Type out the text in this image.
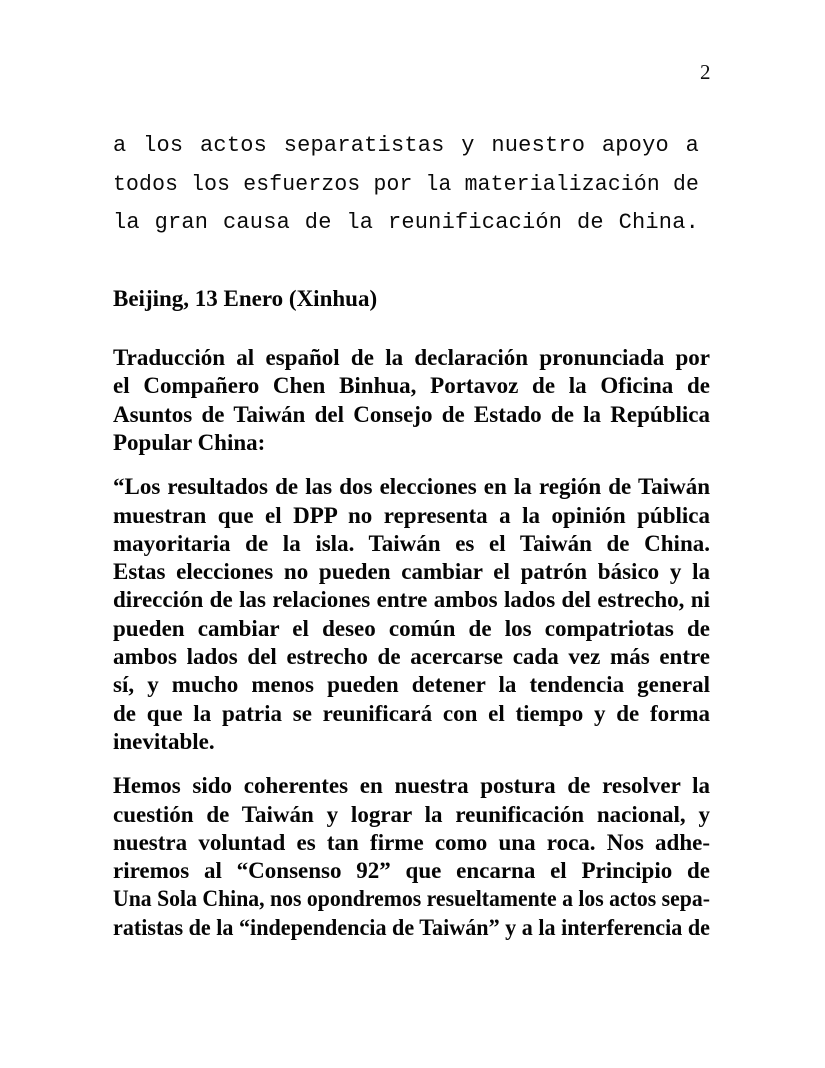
2
a los actos separatistas y nuestro apoyo a
todos los esfuerzos por la materialización de
la gran causa de la reunificación de China.
Beijing, 13 Enero (Xinhua)
Traducción al español de la declaración pronunciada por
el Compañero Chen Binhua, Portavoz de la Oficina de
Asuntos de Taiwán del Consejo de Estado de la República
Popular China:
“Los resultados de las dos elecciones en la región de Taiwán
muestran que el DPP no representa a la opinión pública
mayoritaria de la isla. Taiwán es el Taiwán de China.
Estas elecciones no pueden cambiar el patrón básico y la
dirección de las relaciones entre ambos lados del estrecho, ni
pueden cambiar el deseo común de los compatriotas de
ambos lados del estrecho de acercarse cada vez más entre
sí, y mucho menos pueden detener la tendencia general
de que la patria se reunificará con el tiempo y de forma
inevitable.
Hemos sido coherentes en nuestra postura de resolver la
cuestión de Taiwán y lograr la reunificación nacional, y
nuestra voluntad es tan firme como una roca. Nos adhe-
riremos al “Consenso 92” que encarna el Principio de
Una Sola China, nos opondremos resueltamente a los actos sepa-
ratistas de la “independencia de Taiwán” y a la interferencia de
